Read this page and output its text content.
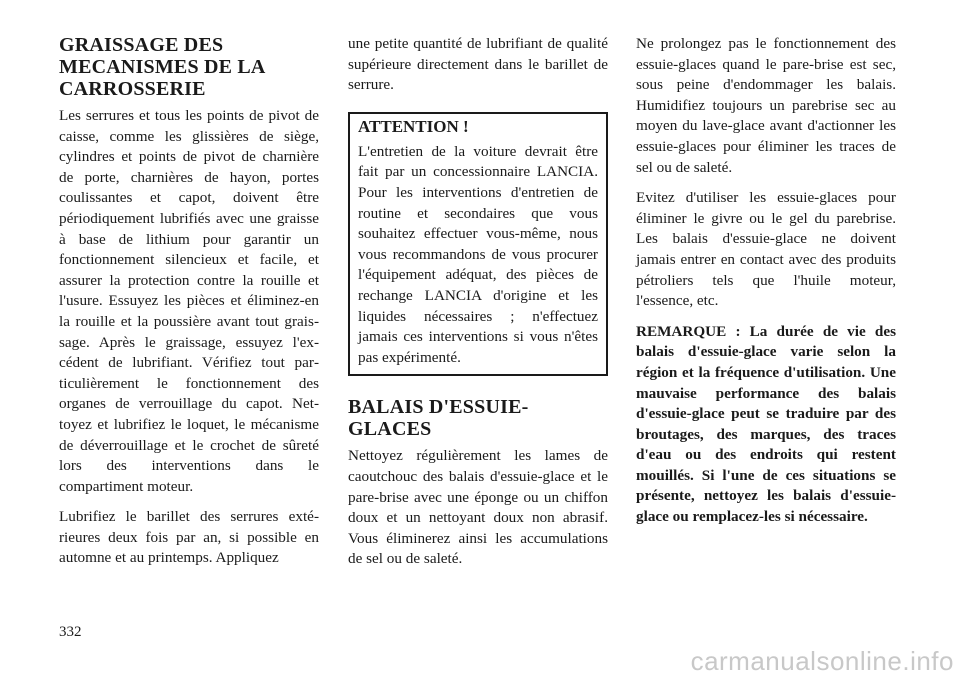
GRAISSAGE DES MECANISMES DE LA CARROSSERIE

Les serrures et tous les points de pivot de caisse, comme les glissières de siège, cylindres et points de pivot de charnière de porte, charnières de hayon, portes coulissantes et capot, doivent être périodiquement lubrifiés avec une graisse à base de lithium pour garantir un fonctionnement silencieux et facile, et assurer la protection contre la rouille et l'usure. Essuyez les pièces et éliminez-en la rouille et la poussière avant tout graissage. Après le graissage, essuyez l'excédent de lubrifiant. Vérifiez tout particulièrement le fonctionnement des organes de verrouillage du capot. Nettoyez et lubrifiez le loquet, le mécanisme de déverrouillage et le crochet de sûreté lors des interventions dans le compartiment moteur.

Lubrifiez le barillet des serrures extérieures deux fois par an, si possible en automne et au printemps. Appliquez

une petite quantité de lubrifiant de qualité supérieure directement dans le barillet de serrure.

ATTENTION !

L'entretien de la voiture devrait être fait par un concessionnaire LANCIA. Pour les interventions d'entretien de routine et secondaires que vous souhaitez effectuer vous-même, nous vous recommandons de vous procurer l'équipement adéquat, des pièces de rechange LANCIA d'origine et les liquides nécessaires ; n'effectuez jamais ces interventions si vous n'êtes pas expérimenté.

BALAIS D'ESSUIE-GLACES

Nettoyez régulièrement les lames de caoutchouc des balais d'essuie-glace et le pare-brise avec une éponge ou un chiffon doux et un nettoyant doux non abrasif. Vous éliminerez ainsi les accumulations de sel ou de saleté.

Ne prolongez pas le fonctionnement des essuie-glaces quand le pare-brise est sec, sous peine d'endommager les balais. Humidifiez toujours un parebrise sec au moyen du lave-glace avant d'actionner les essuie-glaces pour éliminer les traces de sel ou de saleté.

Evitez d'utiliser les essuie-glaces pour éliminer le givre ou le gel du parebrise. Les balais d'essuie-glace ne doivent jamais entrer en contact avec des produits pétroliers tels que l'huile moteur, l'essence, etc.

REMARQUE : La durée de vie des balais d'essuie-glace varie selon la région et la fréquence d'utilisation. Une mauvaise performance des balais d'essuie-glace peut se traduire par des broutages, des marques, des traces d'eau ou des endroits qui restent mouillés. Si l'une de ces situations se présente, nettoyez les balais d'essuie-glace ou remplacez-les si nécessaire.

332
carmanualsonline.info
